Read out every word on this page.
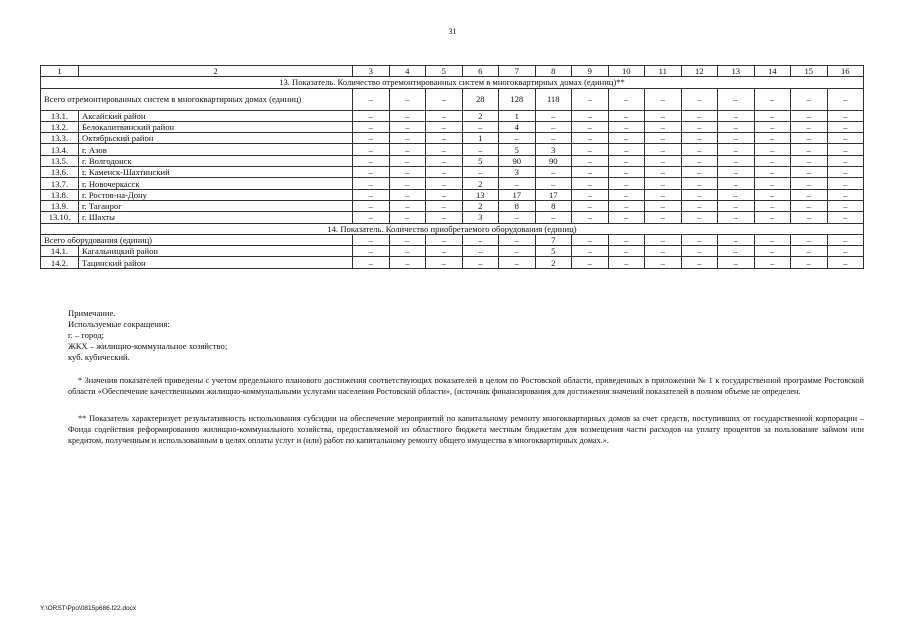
31
1	2	3	4	5	6	7	8	9	10	11	12	13	14	15	16
13. Показатель. Количество отремонтированных систем в многоквартирных домах (единиц)**															
Всего отремонтированных систем в многоквартирных домах (единиц)		–	–	–	28	128	118	–	–	–	–	–	–	–	–
13.1.	Аксайский район	–	–	–	2	1	–	–	–	–	–	–	–	–	–
13.2.	Белокалитвинский район	–	–	–	–	4	–	–	–	–	–	–	–	–	–
13.3.	Октябрьский район	–	–	–	1	–	–	–	–	–	–	–	–	–	–
13.4.	г. Азов	–	–	–	–	5	3	–	–	–	–	–	–	–	–
13.5.	г. Волгодонск	–	–	–	5	90	90	–	–	–	–	–	–	–	–
13.6.	г. Каменск-Шахтинский	–	–	–	–	3	–	–	–	–	–	–	–	–	–
13.7.	г. Новочеркасск	–	–	–	2	–	–	–	–	–	–	–	–	–	–
13.8.	г. Ростов-на-Дону	–	–	–	13	17	17	–	–	–	–	–	–	–	–
13.9.	г. Таганрог	–	–	–	2	8	8	–	–	–	–	–	–	–	–
13.10.	г. Шахты	–	–	–	3	–	–	–	–	–	–	–	–	–	–
14. Показатель. Количество приобретаемого оборудования (единиц)															
Всего оборудования (единиц)		–	–	–	–	–	7	–	–	–	–	–	–	–	–
14.1.	Кагальницкий район	–	–	–	–	–	5	–	–	–	–	–	–	–	–
14.2.	Тацинский район	–	–	–	–	–	2	–	–	–	–	–	–	–	–
Примечание.
Используемые сокращения:
г. – город;
ЖКХ – жилищно-коммунальное хозяйство;
куб. кубический.

* Значения показателей приведены с учетом предельного планового достижения соответствующих показателей в целом по Ростовской области, приведенных в приложении № 1 к государственной программе Ростовской области «Обеспечение качественными жилищно-коммунальными услугами населения Ростовской области», (источник финансирования для достижения значений показателей в полном объеме не определен.

** Показатель характеризует результативность использования субсидии на обеспечение мероприятий по капитальному ремонту многоквартирных домов за счет средств, поступивших от государственной корпорации – Фонда содействия реформированию жилищно-коммунального хозяйства, предоставляемой из областного бюджета местным бюджетам для возмещения части расходов на уплату процентов за пользование займом или кредитом, полученным и использованным в целях оплаты услуг и (или) работ по капитальному ремонту общего имущества в многоквартирных домах.».

Y:\ORST\Ppo\0815p686.f22.docx
